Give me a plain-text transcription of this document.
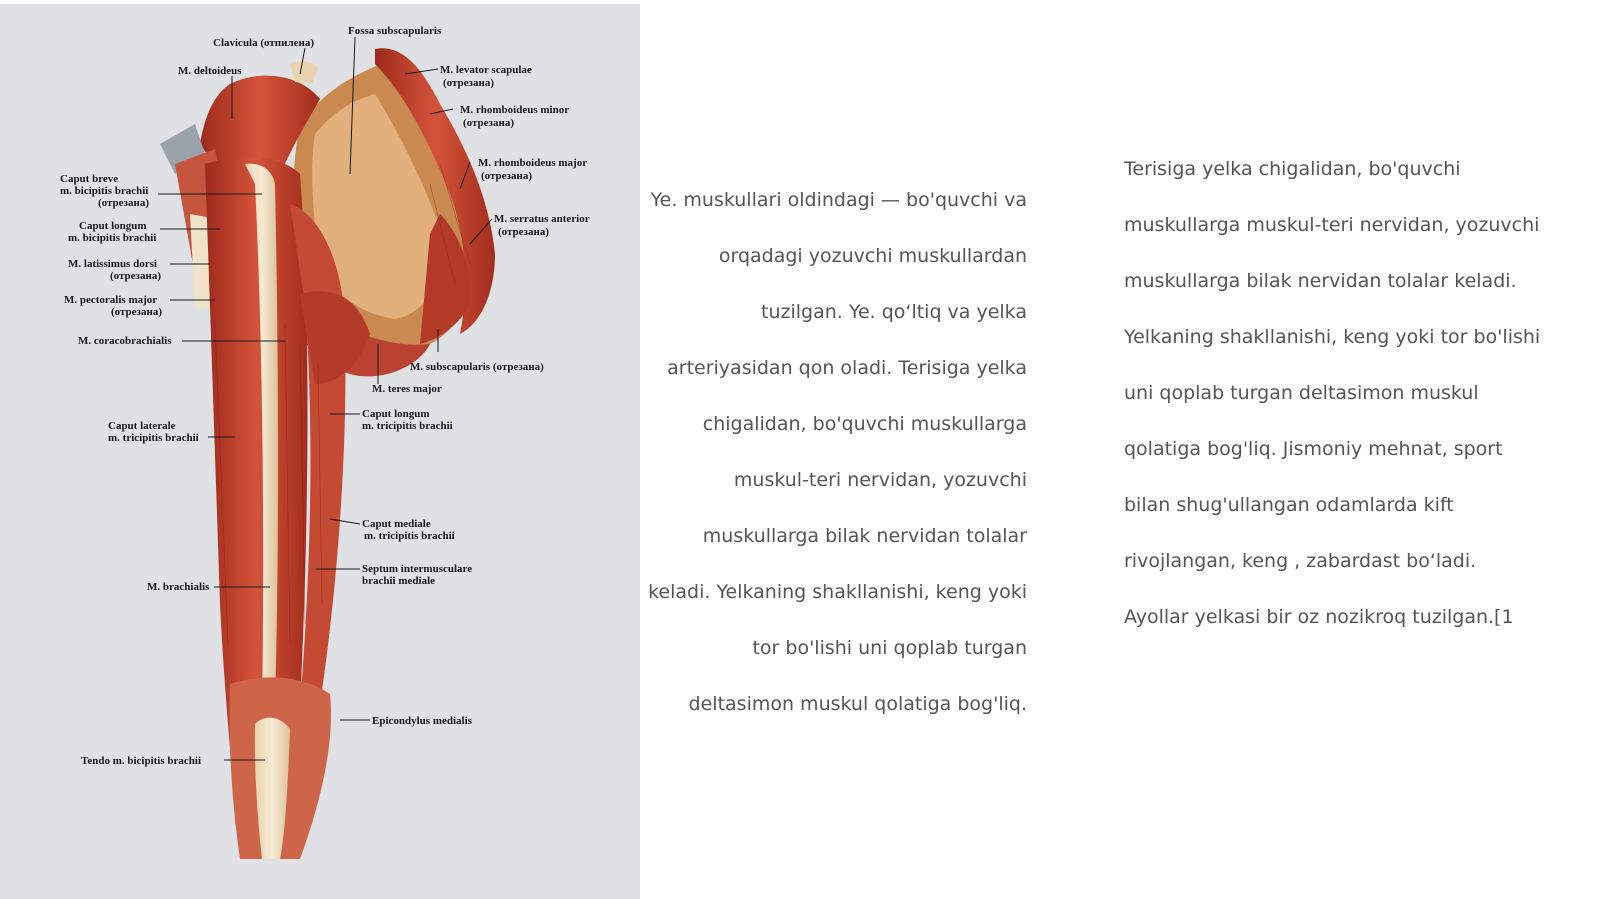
Fossa subscapularis
Clavicula (отпилена)
M. deltoideus	M. levator scapulae
(отрезана)
M. rhomboideus minor
(отрезана)
M. rhomboideus major
(отрезана)
Caput breve
m. bicipitis brachii
(отрезана)
M. serratus anterior
(отрезана)
Caput longum
m. bicipitis brachii
M. latissimus dorsi
(отрезана)
M. pectoralis major
(отрезана)
M. coracobrachialis
M. subscapularis (отрезана)
M. teres major
Caput laterale
m. tricipitis brachii
Caput longum
m. tricipitis brachii
Caput mediale
m. tricipitis brachii
Septum intermusculare
brachii mediale
M. brachialis
Epicondylus medialis
Tendo m. bicipitis brachii

Ye. muskullari oldindagi — bo'quvchi va

orqadagi yozuvchi muskullardan

tuzilgan. Ye. qoʻltiq va yelka

arteriyasidan qon oladi. Terisiga yelka

chigalidan, bo'quvchi muskullarga

muskul-teri nervidan, yozuvchi

muskullarga bilak nervidan tolalar

keladi. Yelkaning shakllanishi, keng yoki

tor bo'lishi uni qoplab turgan

deltasimon muskul qolatiga bog'liq.

Terisiga yelka chigalidan, bo'quvchi

muskullarga muskul-teri nervidan, yozuvchi

muskullarga bilak nervidan tolalar keladi.

Yelkaning shakllanishi, keng yoki tor bo'lishi

uni qoplab turgan deltasimon muskul

qolatiga bog'liq. Jismoniy mehnat, sport

bilan shug'ullangan odamlarda kift

rivojlangan, keng , zabardast boʻladi.

Ayollar yelkasi bir oz nozikroq tuzilgan.[1
